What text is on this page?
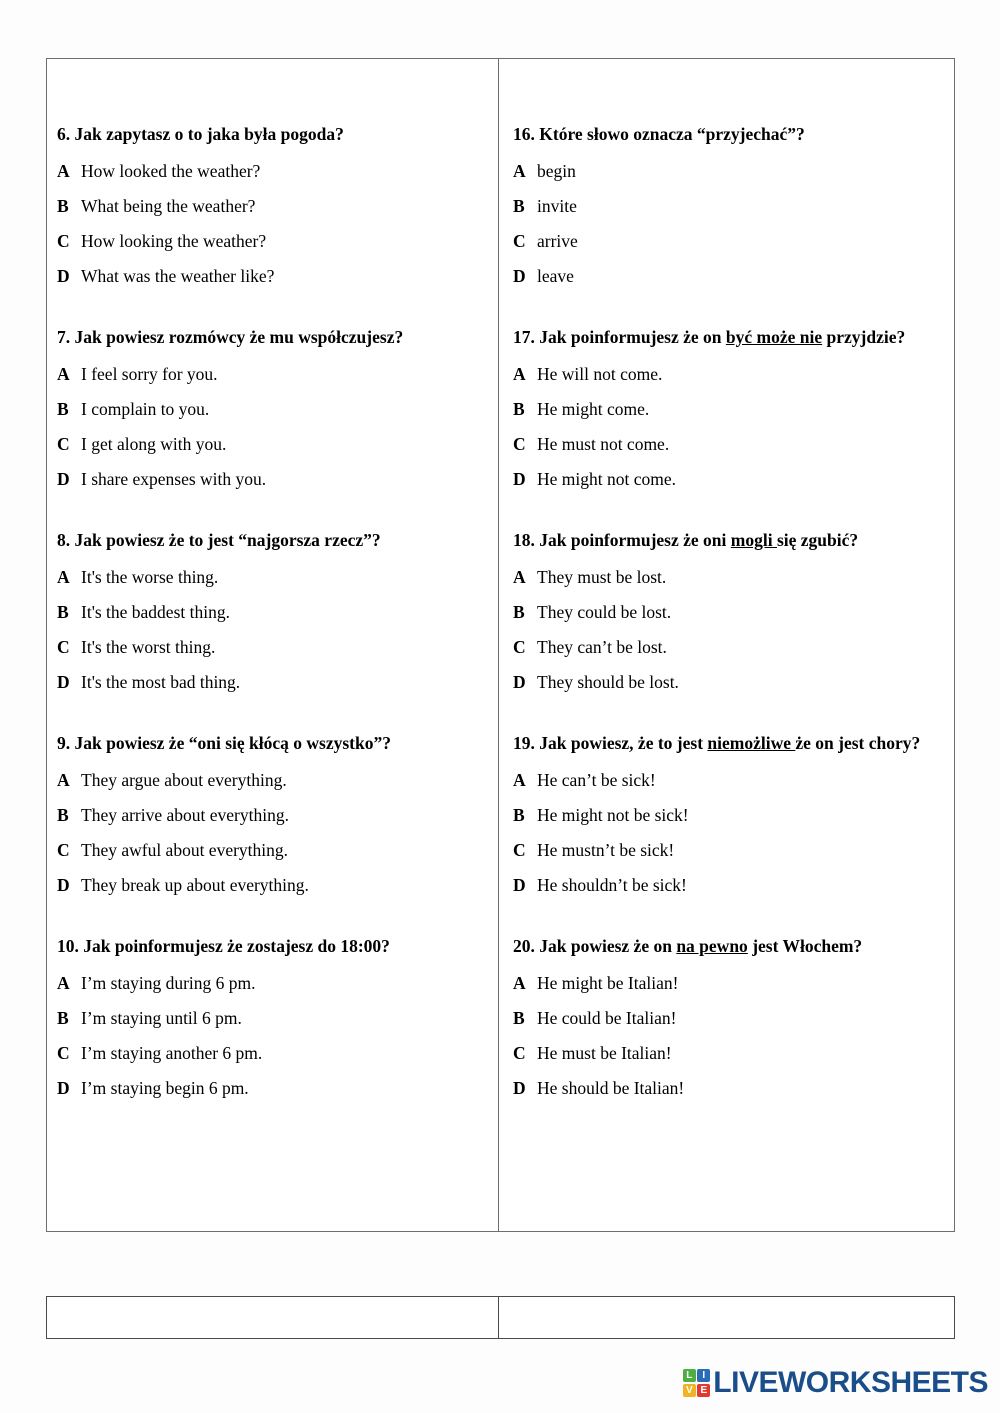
6. Jak zapytasz o to jaka była pogoda?
A How looked the weather?
B What being the weather?
C How looking the weather?
D What was the weather like?
7. Jak powiesz rozmówcy że mu współczujesz?
A I feel sorry for you.
B I complain to you.
C I get along with you.
D I share expenses with you.
8. Jak powiesz że to jest “najgorsza rzecz”?
A It's the worse thing.
B It's the baddest thing.
C It's the worst thing.
D It's the most bad thing.
9. Jak powiesz że “oni się kłócą o wszystko”?
A They argue about everything.
B They arrive about everything.
C They awful about everything.
D They break up about everything.
10. Jak poinformujesz że zostajesz do 18:00?
A I’m staying during 6 pm.
B I’m staying until 6 pm.
C I’m staying another 6 pm.
D I’m staying begin 6 pm.
16. Które słowo oznacza “przyjechać”?
A begin
B invite
C arrive
D leave
17. Jak poinformujesz że on być może nie przyjdzie?
A He will not come.
B He might come.
C He must not come.
D He might not come.
18. Jak poinformujesz że oni mogli się zgubić?
A They must be lost.
B They could be lost.
C They can’t be lost.
D They should be lost.
19. Jak powiesz, że to jest niemożliwe że on jest chory?
A He can’t be sick!
B He might not be sick!
C He mustn’t be sick!
D He shouldn’t be sick!
20. Jak powiesz że on na pewno jest Włochem?
A He might be Italian!
B He could be Italian!
C He must be Italian!
D He should be Italian!
L	I
V E LIVEWORKSHEETS
